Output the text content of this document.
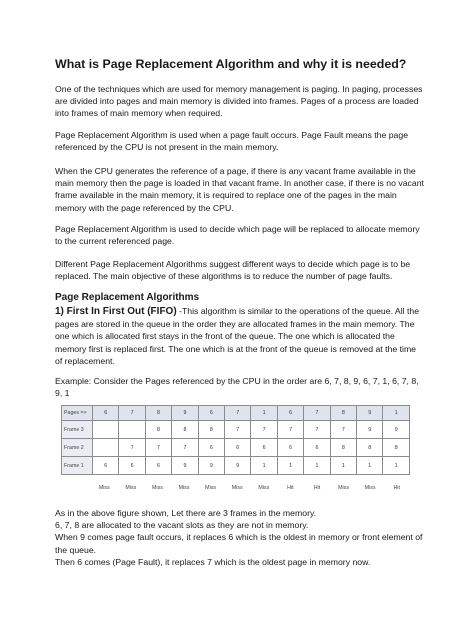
What is Page Replacement Algorithm and why it is needed?

One of the techniques which are used for memory management is paging. In paging, processes
are divided into pages and main memory is divided into frames. Pages of a process are loaded
into frames of main memory when required.

Page Replacement Algorithm is used when a page fault occurs. Page Fault means the page
referenced by the CPU is not present in the main memory.

When the CPU generates the reference of a page, if there is any vacant frame available in the
main memory then the page is loaded in that vacant frame. In another case, if there is no vacant
frame available in the main memory, it is required to replace one of the pages in the main
memory with the page referenced by the CPU.

Page Replacement Algorithm is used to decide which page will be replaced to allocate memory
to the current referenced page.

Different Page Replacement Algorithms suggest different ways to decide which page is to be
replaced. The main objective of these algorithms is to reduce the number of page faults.

Page Replacement Algorithms

1) First In First Out (FIFO) -This algorithm is similar to the operations of the queue. All the
pages are stored in the queue in the order they are allocated frames in the main memory. The
one which is allocated first stays in the front of the queue. The one which is allocated the
memory first is replaced first. The one which is at the front of the queue is removed at the time
of replacement.

Example: Consider the Pages referenced by the CPU in the order are 6, 7, 8, 9, 6, 7, 1, 6, 7, 8,
9, 1

As in the above figure shown, Let there are 3 frames in the memory.
6, 7, 8 are allocated to the vacant slots as they are not in memory.
When 9 comes page fault occurs, it replaces 6 which is the oldest in memory or front element of
the queue.
Then 6 comes (Page Fault), it replaces 7 which is the oldest page in memory now.

Pages =>	6	7	8	9	6	7	1	6	7	8	9	1
Frame 3			8	8	8	7	7	7	7	7	9	9
Frame 2		7	7	7	6	6	6	6	6	8	8	8
Frame 1	6	6	6	9	9	9	1	1	1	1	1	1
Miss	Miss	Miss	Miss	Miss	Miss	Miss	Hit	Hit	Miss	Miss	Hit
